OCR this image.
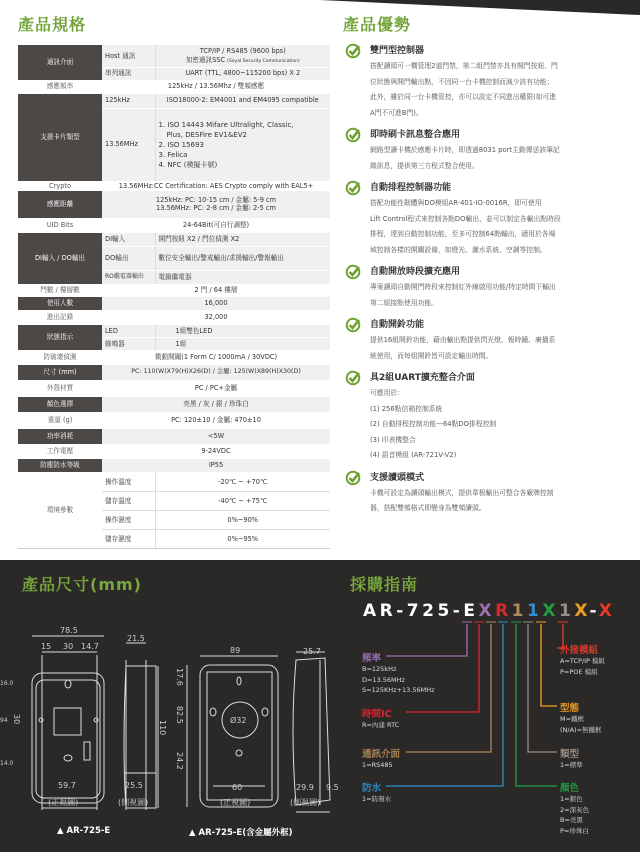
產品規格	產品優勢
通訊介面	Host 通訊	TCP/IP / RS485 (9600 bps)
加密通訊SSC (Soyal Security Communication)

	串列通訊	UART (TTL, 4800~115200 bps) X 2
感應頻率	125kHz / 13.56Mhz / 雙頻感應	
支援卡片類型	125kHz	ISO18000-2: EM4001 and EM4095 compatible
	13.56MHz	1. ISO 14443 Mifare Ultralight, Classic,
Plus, DESFire EV1&EV2
2. ISO 15693
3. Felica
4. NFC (模擬卡號)

Crypto	13.56MHz:CC Certification: AES Crypto comply with EAL5+	
感應距離	125kHz: PC: 10-15 cm / 金屬: 5-9 cm
13.56MHz: PC: 2-8 cm / 金屬: 2-5 cm	

UID Bits	24-64Bit(可自行調整)	
DI輸入 / DO輸出	DI輸入	開門按鈕 X2 / 門位偵測 X2
	DO輸出	數位安全輸出/警戒輸出/求援輸出/警報輸出
	RO繼電器輸出	電鎖繼電器
門數 / 樓層數	2 門 / 64 樓層	
使用人數	16,000	
進出記錄	32,000	
狀態指示	LED	1組雙色LED
	蜂鳴器	1組
防破壞偵測	微動開關(1 Form C/ 1000mA / 30VDC)	
尺寸 (mm)	PC: 110(W)X79(H)X26(D) / 金屬: 125(W)X89(H)X30(D)	
外殼材質	PC / PC+金屬	
顏色選擇	亮黑 / 灰 / 銀 / 珍珠白	
重量 (g)	PC: 120±10 / 金屬: 470±10	
功率消耗	<5W	
工作電壓	9-24VDC	
防塵防水等級	IP55	
環境參數	操作溫度	-20℃ ~ +70℃
	儲存溫度	-40℃ ~ +75℃
	操作濕度	0%~90%
	儲存濕度	0%~95%
雙門型控制器
搭配讀頭可一機管理2道門禁，第二組門禁亦具有開門按鈕、門
位狀態與開門輸出點，不因同一台卡機控制而減少該有功能；
此外，雖於同一台卡機管控，亦可以設定不同進出權限(如可進
A門不可進B門)。
即時刷卡訊息整合應用
網路型讀卡機於感應卡片時，即透過8031 port主動傳送該筆記
錄訊息，提供第三方程式整合使用。
自動排程控制器功能
搭配功能性韌體與DO模組AR-401-IO-0016R，即可使用
Lift Control程式來控制各點DO輸出，並可以制定各輸出點時段
排程，達到自動控制功能，至多可控制64點輸出，適用於各場
域控制各樣的開關設備，如燈光、灑水系統、空調等控制。
自動開放時段擴充應用
專案讀頭自動開門時段來控制紅外線啟用功能/特定時間下輸出
第二組接點使用功能。
自動開鈴功能
提供16組開鈴功能，藉由輸出點提供閃光燈、報時鐘、廣播系
統使用，而每組開鈴皆可設定輸出時間。
具2組UART擴充整合介面
可應用於：
(1) 256點信箱控制系統
(2) 自動排程控制功能—64點DO排程控制
(3) 印表機整合
(4) 語音模組 (AR-721V-V2)
支援讀頭模式
卡機可設定為讀頭輸出模式，提供韋根輸出可整合各廠牌控制
器，搭配雙頻格式即變身為雙頻讀頭。
產品尺寸(mm)	採購指南
78.5
15 30 14.7
21.5
16.0
94
14.0
30
110
59.7	25.5
89	25.7
17.6
82.5
24.2
Ø32
60	29.9 9.5
(正視圖)	(側視圖)	(正視圖)	(側視圖)
▲ AR-725-E	▲ AR-725-E(含金屬外框)
AR-725-EXR11X1X-X
頻率
B=125kHz
D=13.56MHz
S=125KHz+13.56MHz
時間IC
R=內建 RTC
通訊介面
1=RS485
防水
1=防潑水
外接模組
A=TCP/IP 模組
P=POE 模組
型態
M=鐵框
(N/A)=無鐵框
類型
1=標準
顏色
1=銀色
2=深灰色
B=亮黑
P=珍珠白
